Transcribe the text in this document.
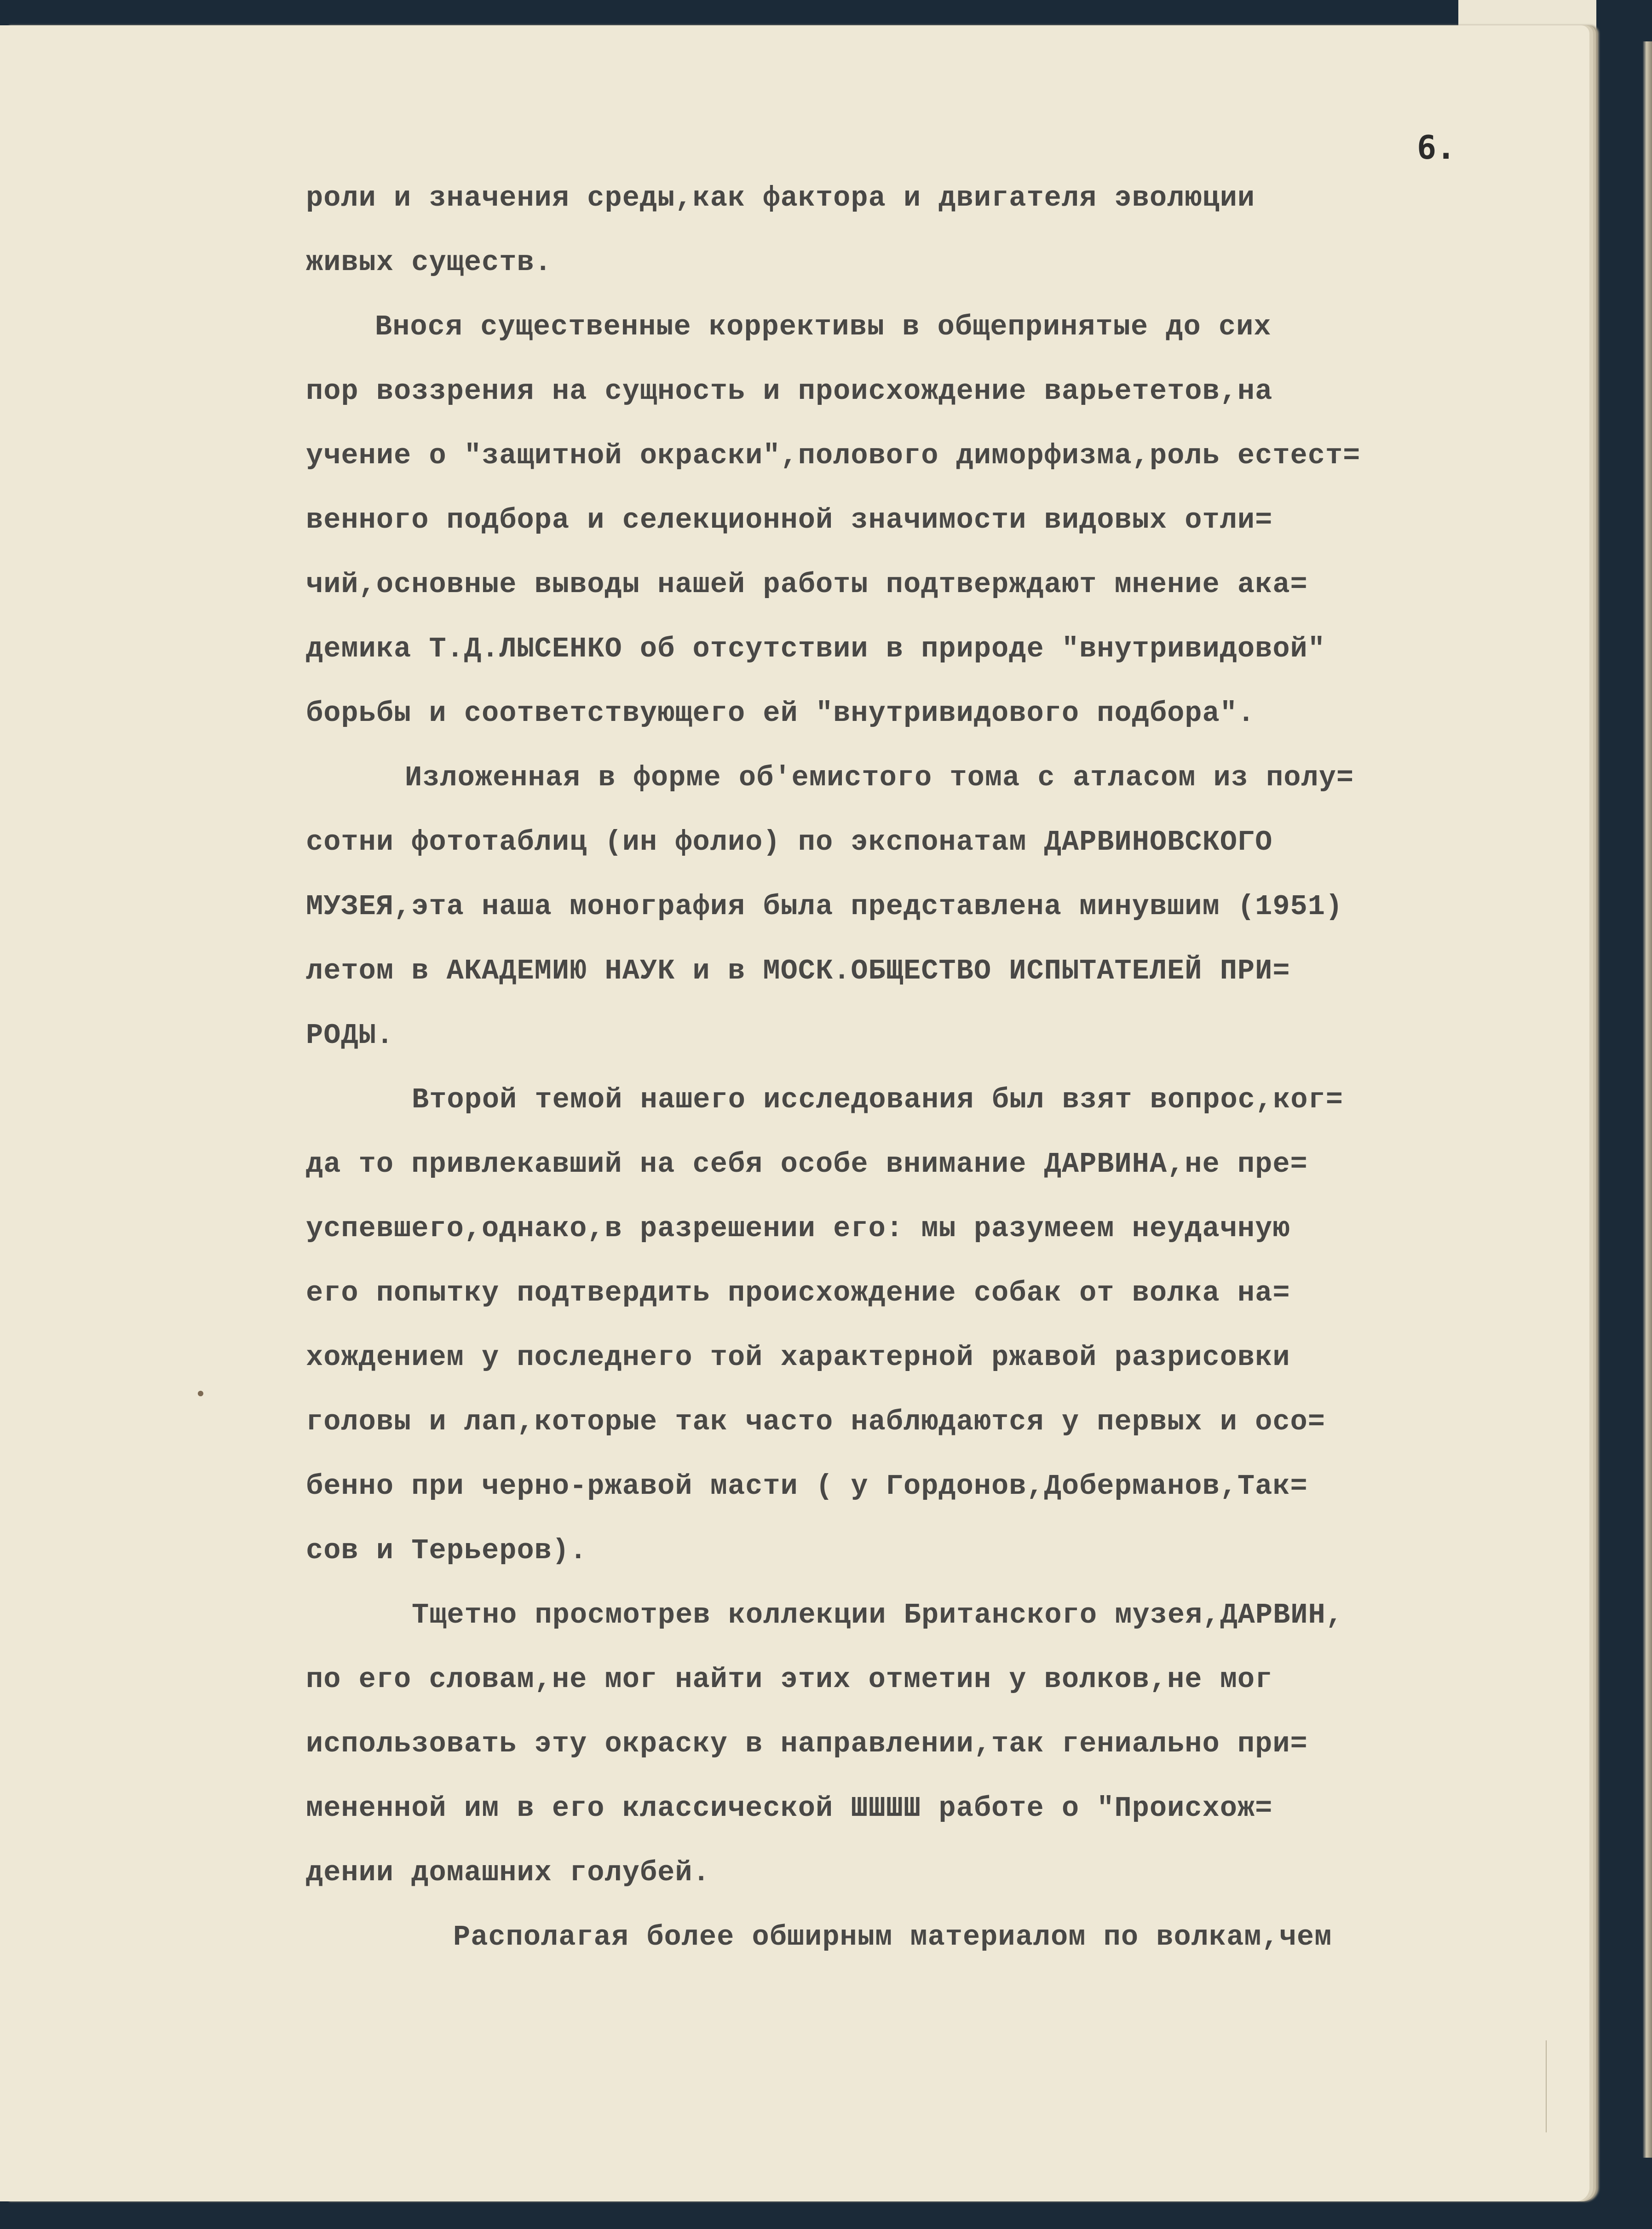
6.
роли и значения среды,как фактора и двигателя эволюции
живых существ.
Внося существенные коррективы в общепринятые до сих
пор воззрения на сущность и происхождение варьететов,на
учение о "защитной окраски",полового диморфизма,роль естест=
венного подбора и селекционной значимости видовых отли=
чий,основные выводы нашей работы подтверждают мнение ака=
демика Т.Д.ЛЫСЕНКО об отсутствии в природе "внутривидовой"
борьбы и соответствующего ей "внутривидового подбора".
Изложенная в форме об'емистого тома с атласом из полу=
сотни фототаблиц (ин фолио) по экспонатам ДАРВИНОВСКОГО
МУЗЕЯ,эта наша монография была представлена минувшим (1951)
летом в АКАДЕМИЮ НАУК и в МОСК.ОБЩЕСТВО ИСПЫТАТЕЛЕЙ ПРИ=
РОДЫ.
Второй темой нашего исследования был взят вопрос,ког=
да то привлекавший на себя особе внимание ДАРВИНА,не пре=
успевшего,однако,в разрешении его: мы разумеем неудачную
его попытку подтвердить происхождение собак от волка на=
хождением у последнего той характерной ржавой разрисовки
головы и лап,которые так часто наблюдаются у первых и осо=
бенно при черно-ржавой масти ( у Гордонов,Доберманов,Так=
сов и Терьеров).
Тщетно просмотрев коллекции Британского музея,ДАРВИН,
по его словам,не мог найти этих отметин у волков,не мог
использовать эту окраску в направлении,так гениально при=
мененной им в его классической ШШШШ работе о "Происхож=
дении домашних голубей.
Располагая более обширным материалом по волкам,чем
